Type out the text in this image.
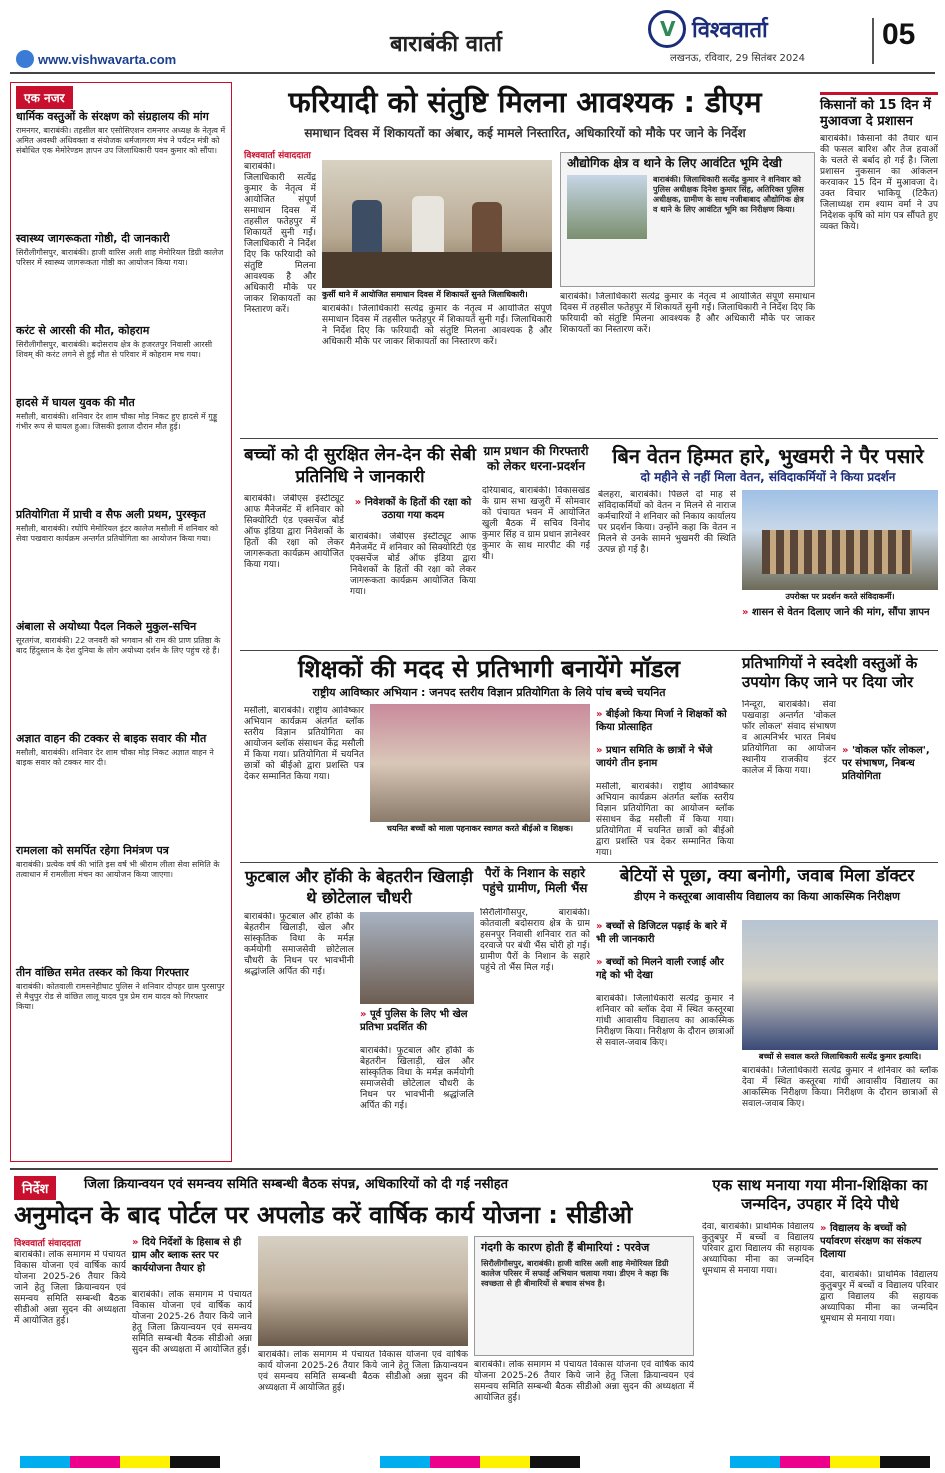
बाराबंकी वार्ता
www.vishwavarta.com
V विश्ववार्ता
लखनऊ, रविवार, 29 सितंबर 2024
05
एक नजर
धार्मिक वस्तुओं के संरक्षण को संग्रहालय की मांग
रामनगर, बाराबंकी। तहसील बार एसोसिएशन रामनगर अध्यक्ष के नेतृत्व में अमित अवस्थी अधिवक्ता व संयोजक धर्मजागरण मंच ने पर्यटन मंत्री को संबोधित एक मेमोरेण्डम ज्ञापन उप जिलाधिकारी पवन कुमार को सौंपा।
स्वास्थ्य जागरूकता गोष्ठी, दी जानकारी
सिरौलीगौसपुर, बाराबंकी। हाजी वारिस अली शाह मेमोरियल डिग्री कालेज परिसर में स्वास्थ्य जागरूकता गोष्ठी का आयोजन किया गया।
करंट से आरसी की मौत, कोहराम
सिरौलीगौसपुर, बाराबंकी। बदोसराय क्षेत्र के हजरतपुर निवासी आरसी शिवम् की करंट लगने से हुई मौत से परिवार में कोहराम मच गया।
हादसे में घायल युवक की मौत
मसौली, बाराबंकी। शनिवार देर शाम चौका मोड़ निकट हुए हादसे में गुड्डू गंभीर रूप से घायल हुआ। जिसकी इलाज दौरान मौत हुई।
प्रतियोगिता में प्राची व सैफ अली प्रथम, पुरस्कृत
मसौली, बाराबंकी। रघोपि मेमोरियल इंटर कालेज मसौली में शनिवार को सेवा पखवारा कार्यक्रम अन्तर्गत प्रतियोगिता का आयोजन किया गया।
अंबाला से अयोध्या पैदल निकले मुकुल-सचिन
सूरतगंज, बाराबंकी। 22 जनवरी को भगवान श्री राम की प्राण प्रतिष्ठा के बाद हिंदुस्तान के देश दुनिया के लोग अयोध्या दर्शन के लिए पहुंच रहे हैं।
अज्ञात वाहन की टक्कर से बाइक सवार की मौत
मसौली, बाराबंकी। शनिवार देर शाम चौका मोड़ निकट अज्ञात वाहन ने बाइक सवार को टक्कर मार दी।
रामलला को समर्पित रहेगा निमंत्रण पत्र
बाराबंकी। प्रत्येक वर्ष की भांति इस वर्ष भी श्रीराम लीला सेवा समिति के तत्वाधान में रामलीला मंचन का आयोजन किया जाएगा।
तीन वांछित समेत तस्कर को किया गिरफ्तार
बाराबंकी। कोतवाली रामसनेहीघाट पुलिस ने शनिवार दोपहर ग्राम पुरसापुर से मैथुपुर रोड से वांछित लालू यादव पुत्र प्रेम राम यादव को गिरफ्तार किया।
फरियादी को संतुष्टि मिलना आवश्यक : डीएम
समाधान दिवस में शिकायतों का अंबार, कई मामले निस्तारित, अधिकारियों को मौके पर जाने के निर्देश
विश्ववार्ता संवाददाता
बाराबंकी। जिलाधिकारी सत्येंद्र कुमार के नेतृत्व में आयोजित संपूर्ण समाधान दिवस में तहसील फतेहपुर में शिकायतें सुनी गईं। जिलाधिकारी ने निर्देश दिए कि फरियादी को संतुष्टि मिलना आवश्यक है और अधिकारी मौके पर जाकर शिकायतों का निस्तारण करें।
कुर्सी थाने में आयोजित समाधान दिवस में शिकायतें सुनते जिलाधिकारी।
बाराबंकी। जिलाधिकारी सत्येंद्र कुमार के नेतृत्व में आयोजित संपूर्ण समाधान दिवस में तहसील फतेहपुर में शिकायतें सुनी गईं। जिलाधिकारी ने निर्देश दिए कि फरियादी को संतुष्टि मिलना आवश्यक है और अधिकारी मौके पर जाकर शिकायतों का निस्तारण करें।
औद्योगिक क्षेत्र व थाने के लिए आवंटित भूमि देखी
बाराबंकी। जिलाधिकारी सत्येंद्र कुमार ने शनिवार को पुलिस अधीक्षक दिनेश कुमार सिंह, अतिरिक्त पुलिस अधीक्षक, ग्रामीण के साथ नजीबाबाद औद्योगिक क्षेत्र व थाने के लिए आवंटित भूमि का निरीक्षण किया।
बाराबंकी। जिलाधिकारी सत्येंद्र कुमार के नेतृत्व में आयोजित संपूर्ण समाधान दिवस में तहसील फतेहपुर में शिकायतें सुनी गईं। जिलाधिकारी ने निर्देश दिए कि फरियादी को संतुष्टि मिलना आवश्यक है और अधिकारी मौके पर जाकर शिकायतों का निस्तारण करें।
किसानों को 15 दिन में मुआवजा दे प्रशासन
बाराबंकी। किसानों की तैयार धान की फसल बारिश और तेज हवाओं के चलते से बर्बाद हो गई है। जिला प्रशासन नुकसान का आंकलन करवाकर 15 दिन में मुआवजा दे। उक्त विचार भाकियू (टिकैत) जिलाध्यक्ष राम श्याम वर्मा ने उप निदेशक कृषि को मांग पत्र सौंपते हुए व्यक्त किये।
बच्चों को दी सुरक्षित लेन-देन की सेबी प्रतिनिधि ने जानकारी
बाराबंकी। जेबीएस इंस्टीट्यूट आफ मैनेजमेंट में शनिवार को सिक्योरिटी एंड एक्सचेंज बोर्ड ऑफ इंडिया द्वारा निवेशकों के हितों की रक्षा को लेकर जागरूकता कार्यक्रम आयोजित किया गया।
» निवेशकों के हितों की रक्षा को उठाया गया कदम
बाराबंकी। जेबीएस इंस्टीट्यूट आफ मैनेजमेंट में शनिवार को सिक्योरिटी एंड एक्सचेंज बोर्ड ऑफ इंडिया द्वारा निवेशकों के हितों की रक्षा को लेकर जागरूकता कार्यक्रम आयोजित किया गया।
ग्राम प्रधान की गिरफ्तारी को लेकर धरना-प्रदर्शन
दरियाबाद, बाराबंकी। विकासखंड के ग्राम सभा खजुरी में सोमवार को पंचायत भवन में आयोजित खुली बैठक में सचिव विनोद कुमार सिंह व ग्राम प्रधान ज्ञानेश्वर कुमार के साथ मारपीट की गई थी।
बिन वेतन हिम्मत हारे, भुखमरी ने पैर पसारे
दो महीने से नहीं मिला वेतन, संविदाकर्मियों ने किया प्रदर्शन
बेलहरा, बाराबंकी। पिछले दो माह से संविदाकर्मियों को वेतन न मिलने से नाराज कर्मचारियों ने शनिवार को निकाय कार्यालय पर प्रदर्शन किया। उन्होंने कहा कि वेतन न मिलने से उनके सामने भुखमरी की स्थिति उत्पन्न हो गई है।
उपरोक्त पर प्रदर्शन करते संविदाकर्मी।
» शासन से वेतन दिलाए जाने की मांग, सौंपा ज्ञापन
शिक्षकों की मदद से प्रतिभागी बनायेंगे मॉडल
राष्ट्रीय आविष्कार अभियान : जनपद स्तरीय विज्ञान प्रतियोगिता के लिये पांच बच्चे चयनित
मसौली, बाराबंकी। राष्ट्रीय आविष्कार अभियान कार्यक्रम अंतर्गत ब्लॉक स्तरीय विज्ञान प्रतियोगिता का आयोजन ब्लॉक संसाधन केंद्र मसौली में किया गया। प्रतियोगिता में चयनित छात्रों को बीईओ द्वारा प्रशस्ति पत्र देकर सम्मानित किया गया।
चयनित बच्चों को माला पहनाकर स्वागत करते बीईओ व शिक्षक।
» बीईओ किया मिर्जा ने शिक्षकों को किया प्रोत्साहित
» प्रधान समिति के छात्रों ने भेंजे जायंगे तीन इनाम
मसौली, बाराबंकी। राष्ट्रीय आविष्कार अभियान कार्यक्रम अंतर्गत ब्लॉक स्तरीय विज्ञान प्रतियोगिता का आयोजन ब्लॉक संसाधन केंद्र मसौली में किया गया। प्रतियोगिता में चयनित छात्रों को बीईओ द्वारा प्रशस्ति पत्र देकर सम्मानित किया गया।
प्रतिभागियों ने स्वदेशी वस्तुओं के उपयोग किए जाने पर दिया जोर
निन्दूरा, बाराबंकी। सेवा पखवाड़ा अन्तर्गत 'वोकल फॉर लोकल' संवाद संभाषण व आत्मनिर्भर भारत निबंध प्रतियोगिता का आयोजन स्थानीय राजकीय इंटर कालेज में किया गया।
» 'वोकल फॉर लोकल', पर संभाषण, निबन्ध प्रतियोगिता
फुटबाल और हॉकी के बेहतरीन खिलाड़ी थे छोटेलाल चौधरी
बाराबंकी। फुटबाल और हॉकी के बेहतरीन खिलाड़ी, खेल और सांस्कृतिक विधा के मर्मज्ञ कर्मयोगी समाजसेवी छोटेलाल चौधरी के निधन पर भावभीनी श्रद्धांजलि अर्पित की गई।
» पूर्व पुलिस के लिए भी खेल प्रतिभा प्रदर्शित की
बाराबंकी। फुटबाल और हॉकी के बेहतरीन खिलाड़ी, खेल और सांस्कृतिक विधा के मर्मज्ञ कर्मयोगी समाजसेवी छोटेलाल चौधरी के निधन पर भावभीनी श्रद्धांजलि अर्पित की गई।
पैरों के निशान के सहारे पहुंचे ग्रामीण, मिली भैंस
सिरौलीगौसपुर, बाराबंकी। कोतवाली बदोसराय क्षेत्र के ग्राम हसनपुर निवासी शनिवार रात को दरवाजे पर बंधी भैंस चोरी हो गई। ग्रामीण पैरों के निशान के सहारे पहुंचे तो भैंस मिल गई।
बेटियों से पूछा, क्या बनोगी, जवाब मिला डॉक्टर
डीएम ने कस्तूरबा आवासीय विद्यालय का किया आकस्मिक निरीक्षण
» बच्चों से डिजिटल पढ़ाई के बारे में भी ली जानकारी
» बच्चों को मिलने वाली रजाई और गद्दे को भी देखा
बाराबंकी। जिलाधिकारी सत्येंद्र कुमार ने शनिवार को ब्लॉक देवा में स्थित कस्तूरबा गांधी आवासीय विद्यालय का आकस्मिक निरीक्षण किया। निरीक्षण के दौरान छात्राओं से सवाल-जवाब किए।
बच्चों से सवाल करते जिलाधिकारी सत्येंद्र कुमार इत्यादि।
बाराबंकी। जिलाधिकारी सत्येंद्र कुमार ने शनिवार को ब्लॉक देवा में स्थित कस्तूरबा गांधी आवासीय विद्यालय का आकस्मिक निरीक्षण किया। निरीक्षण के दौरान छात्राओं से सवाल-जवाब किए।
निर्देश	जिला क्रियान्वयन एवं समन्वय समिति सम्बन्धी बैठक संपन्न, अधिकारियों को दी गई नसीहत
अनुमोदन के बाद पोर्टल पर अपलोड करें वार्षिक कार्य योजना : सीडीओ
विश्ववार्ता संवाददाता
बाराबंकी। लोक समागम में पंचायत विकास योजना एवं वार्षिक कार्य योजना 2025-26 तैयार किये जाने हेतु जिला क्रियान्वयन एवं समन्वय समिति सम्बन्धी बैठक सीडीओ अन्ना सुदन की अध्यक्षता में आयोजित हुई।
» दिये निर्देशों के हिसाब से ही ग्राम और ब्लाक स्तर पर कार्ययोजना तैयार हो
बाराबंकी। लोक समागम में पंचायत विकास योजना एवं वार्षिक कार्य योजना 2025-26 तैयार किये जाने हेतु जिला क्रियान्वयन एवं समन्वय समिति सम्बन्धी बैठक सीडीओ अन्ना सुदन की अध्यक्षता में आयोजित हुई। बाराबंकी। लोक समागम में पंचायत विकास योजना एवं वार्षिक कार्य योजना 2025-26 तैयार किये जाने हेतु जिला क्रियान्वयन एवं समन्वय समिति सम्बन्धी बैठक सीडीओ अन्ना सुदन की अध्यक्षता में आयोजित हुई।
गंदगी के कारण होती हैं बीमारियां : परवेज
सिरौलीगौसपुर, बाराबंकी। हाजी वारिस अली शाह मेमोरियल डिग्री कालेज परिसर में सफाई अभियान चलाया गया। डीएम ने कहा कि स्वच्छता से ही बीमारियों से बचाव संभव है।
बाराबंकी। लोक समागम में पंचायत विकास योजना एवं वार्षिक कार्य योजना 2025-26 तैयार किये जाने हेतु जिला क्रियान्वयन एवं समन्वय समिति सम्बन्धी बैठक सीडीओ अन्ना सुदन की अध्यक्षता में आयोजित हुई।
एक साथ मनाया गया मीना-शिक्षिका का जन्मदिन, उपहार में दिये पौधे
देवा, बाराबंकी। प्राथमिक विद्यालय कुतुबपुर में बच्चों व विद्यालय परिवार द्वारा विद्यालय की सहायक अध्यापिका मीना का जन्मदिन धूमधाम से मनाया गया।
» विद्यालय के बच्चों को पर्यावरण संरक्षण का संकल्प दिलाया
देवा, बाराबंकी। प्राथमिक विद्यालय कुतुबपुर में बच्चों व विद्यालय परिवार द्वारा विद्यालय की सहायक अध्यापिका मीना का जन्मदिन धूमधाम से मनाया गया।
